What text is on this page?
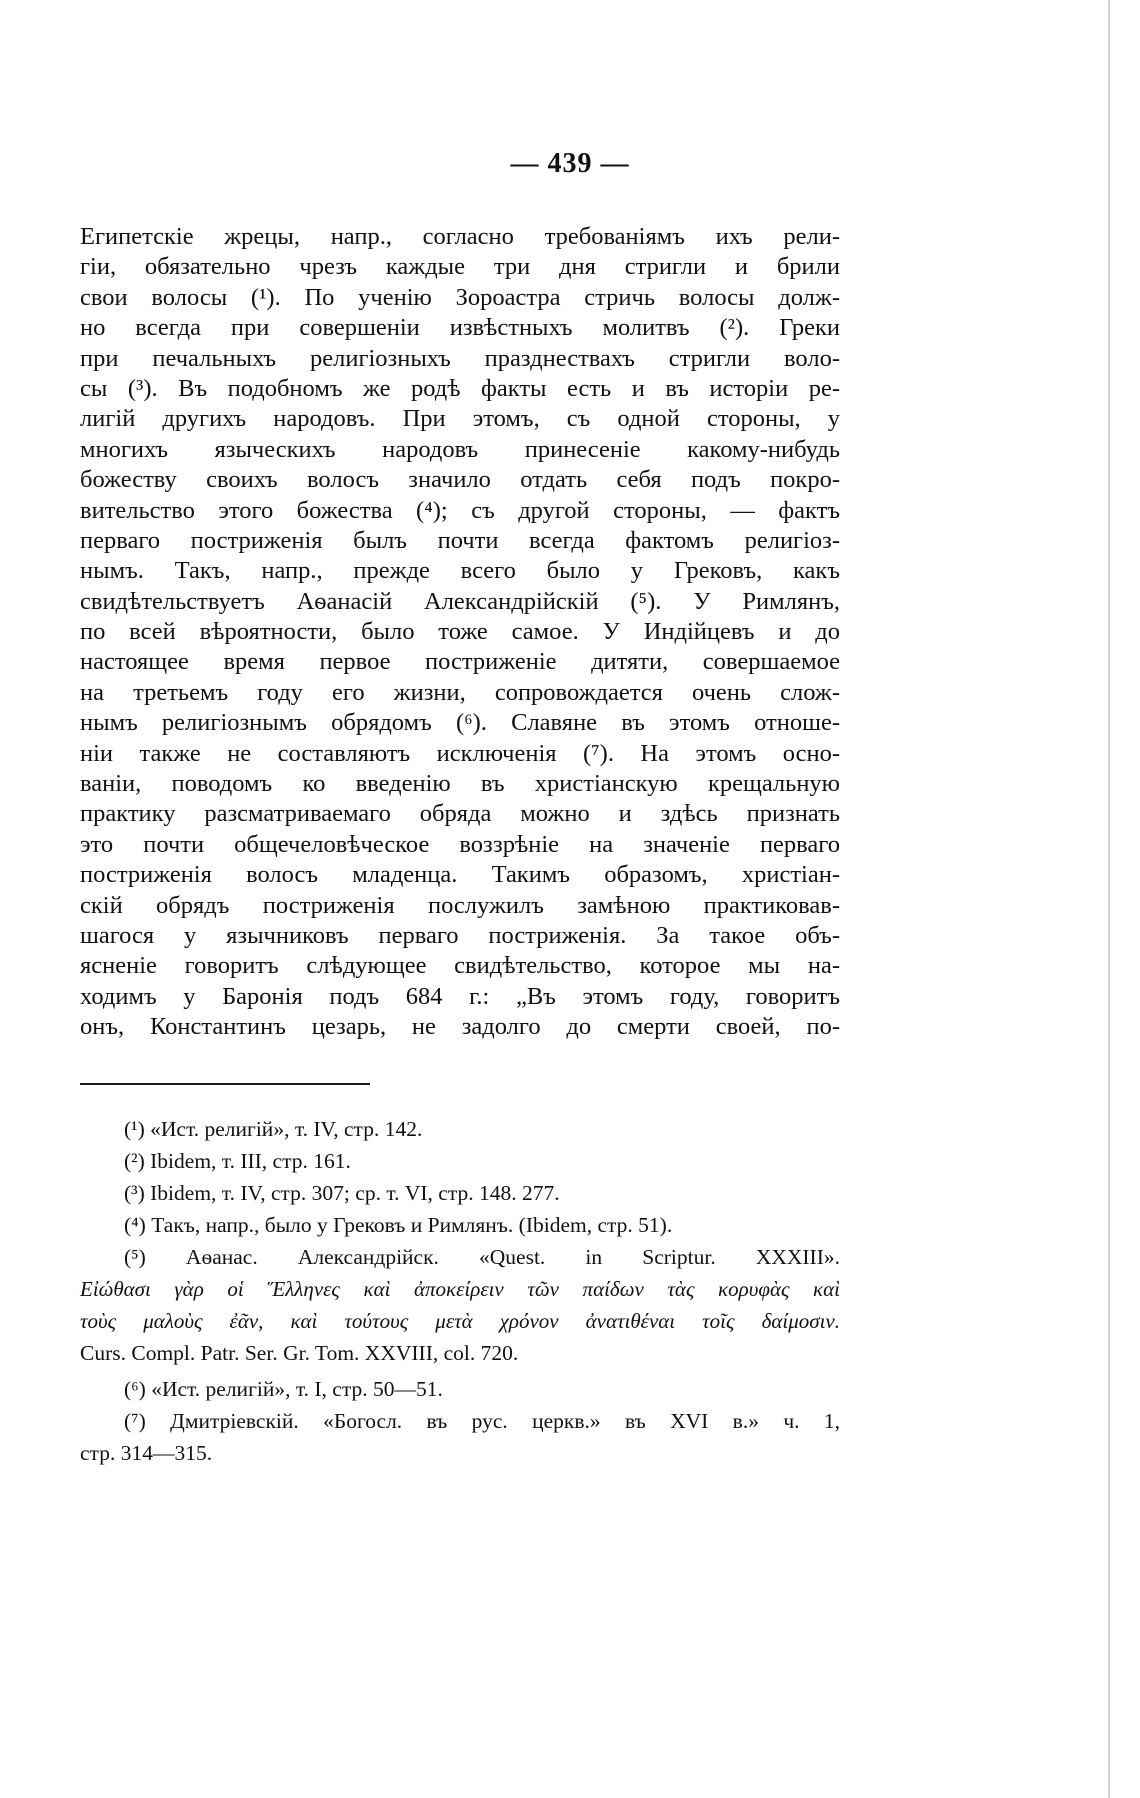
— 439 —
Египетскіе жрецы, напр., согласно требованіямъ ихъ рели-
гіи, обязательно чрезъ каждые три дня стригли и брили
свои волосы (¹). По ученію Зороастра стричь волосы долж-
но всегда при совершеніи извѣстныхъ молитвъ (²). Греки
при печальныхъ религіозныхъ празднествахъ стригли воло-
сы (³). Въ подобномъ же родѣ факты есть и въ исторіи ре-
лигій другихъ народовъ. При этомъ, съ одной стороны, у
многихъ языческихъ народовъ принесеніе какому-нибудь
божеству своихъ волосъ значило отдать себя подъ покро-
вительство этого божества (⁴); съ другой стороны, — фактъ
перваго постриженія былъ почти всегда фактомъ религіоз-
нымъ. Такъ, напр., прежде всего было у Грековъ, какъ
свидѣтельствуетъ Аѳанасій Александрійскій (⁵). У Римлянъ,
по всей вѣроятности, было тоже самое. У Индійцевъ и до
настоящее время первое постриженіе дитяти, совершаемое
на третьемъ году его жизни, сопровождается очень слож-
нымъ религіознымъ обрядомъ (⁶). Славяне въ этомъ отноше-
ніи также не составляютъ исключенія (⁷). На этомъ осно-
ваніи, поводомъ ко введенію въ христіанскую крещальную
практику разсматриваемаго обряда можно и здѣсь признать
это почти общечеловѣческое воззрѣніе на значеніе перваго
постриженія волосъ младенца. Такимъ образомъ, христіан-
скій обрядъ постриженія послужилъ замѣною практиковав-
шагося у язычниковъ перваго постриженія. За такое объ-
ясненіе говоритъ слѣдующее свидѣтельство, которое мы на-
ходимъ у Баронія подъ 684 г.: „Въ этомъ году, говоритъ
онъ, Константинъ цезарь, не задолго до смерти своей, по-
(¹) «Ист. религій», т. IV, стр. 142.
(²) Ibidem, т. III, стр. 161.
(³) Ibidem, т. IV, стр. 307; ср. т. VI, стр. 148. 277.
(⁴) Такъ, напр., было у Грековъ и Римлянъ. (Ibidem, стр. 51).
(⁵) Аѳанас. Александрійск. «Quest. in Scriptur. XXXIII».
Εἰώθασι γὰρ οἱ Ἕλληνες καὶ ἀποκείρειν τῶν παίδων τὰς κορυφὰς καὶ
τοὺς μαλοὺς ἐᾶν, καὶ τούτους μετὰ χρόνον ἀνατιθέναι τοῖς δαίμοσιν.
Curs. Compl. Patr. Ser. Gr. Tom. XXVIII, col. 720.
(⁶) «Ист. религій», т. I, стр. 50—51.
(⁷) Дмитріевскій. «Богосл. въ рус. церкв.» въ XVI в.» ч. 1,
стр. 314—315.
